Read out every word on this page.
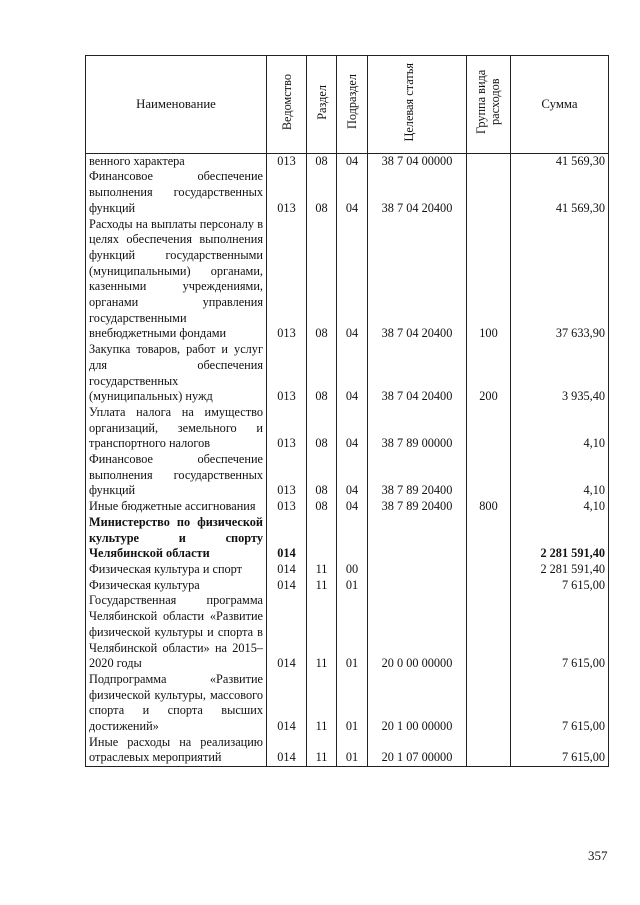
Наименование	Ведомство	Раздел	Подраздел	Целевая статья	Группа вида расходов	Сумма
венного характера	013	08	04	38 7 04 00000		41 569,30
Финансовое обеспечение выполнения государственных функций	013	08	04	38 7 04 20400		41 569,30
Расходы на выплаты персоналу в целях обеспечения выполнения функций государственными (муниципальными) органами, казенными учреждениями, органами управления государственными внебюджетными фондами	013	08	04	38 7 04 20400	100	37 633,90
Закупка товаров, работ и услуг для обеспечения государственных (муниципальных) нужд	013	08	04	38 7 04 20400	200	3 935,40
Уплата налога на имущество организаций, земельного и транспортного налогов	013	08	04	38 7 89 00000		4,10
Финансовое обеспечение выполнения государственных функций	013	08	04	38 7 89 20400		4,10
Иные бюджетные ассигнования	013	08	04	38 7 89 20400	800	4,10
Министерство по физической культуре и спорту Челябинской области	014					2 281 591,40
Физическая культура и спорт	014	11	00			2 281 591,40
Физическая культура	014	11	01			7 615,00
Государственная программа Челябинской области «Развитие физической культуры и спорта в Челябинской области» на 2015–2020 годы	014	11	01	20 0 00 00000		7 615,00
Подпрограмма «Развитие физической культуры, массового спорта и спорта высших достижений»	014	11	01	20 1 00 00000		7 615,00
Иные расходы на реализацию отраслевых мероприятий	014	11	01	20 1 07 00000		7 615,00
357
